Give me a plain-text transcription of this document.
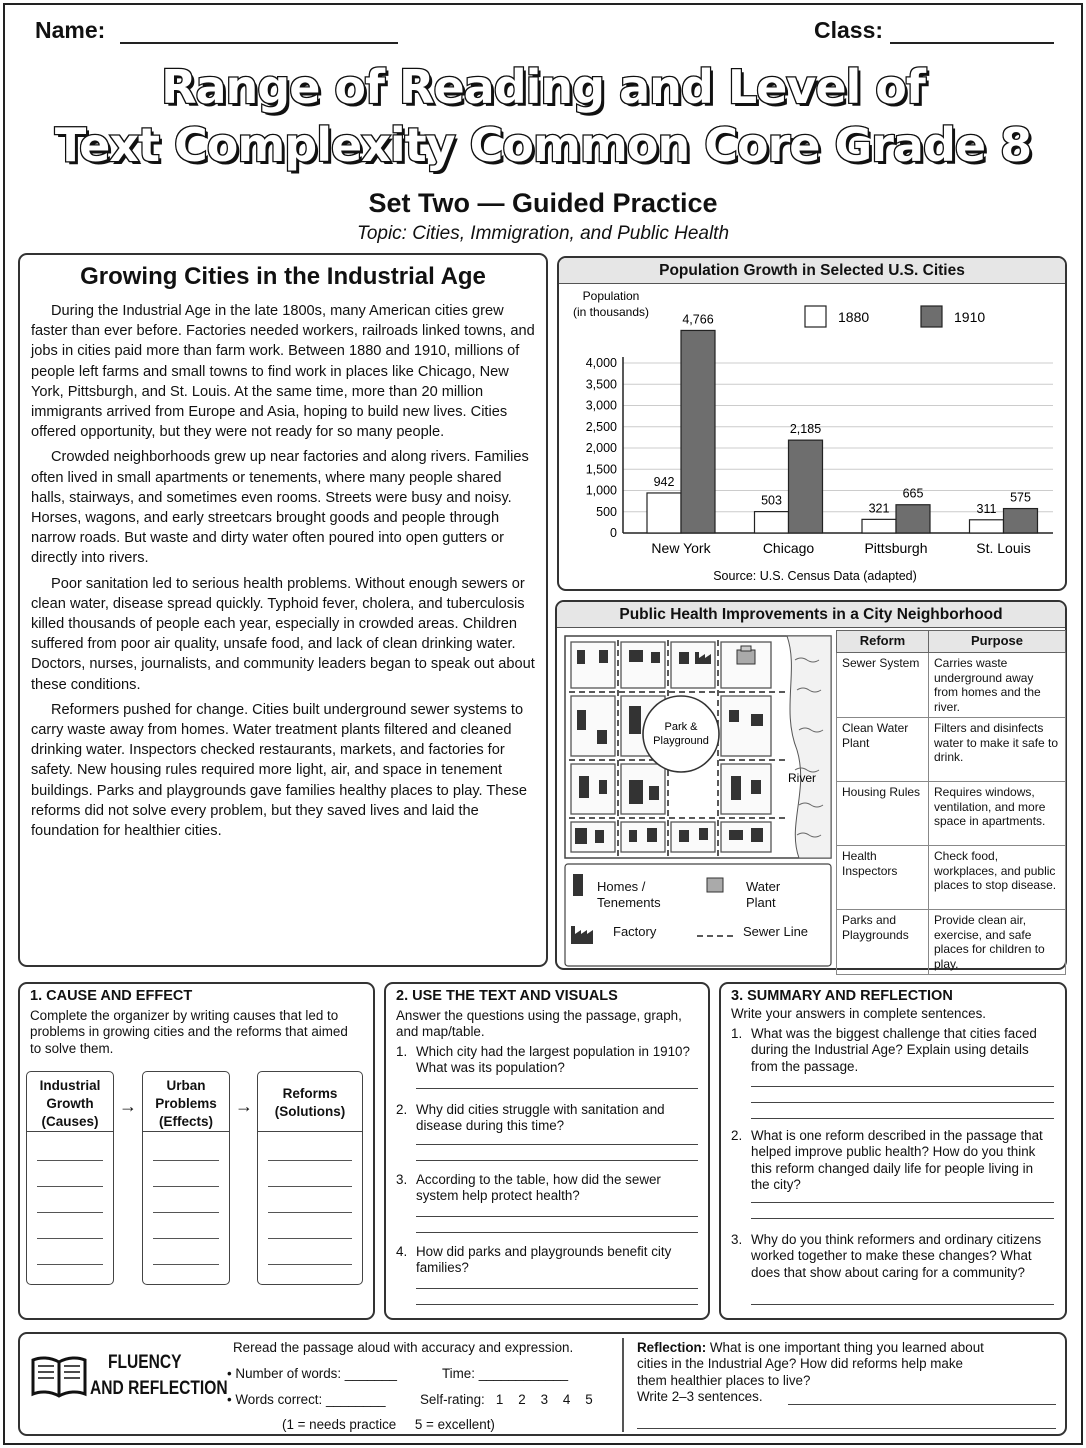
Name:	Class:
Range of Reading and Level of
Text Complexity Common Core Grade 8
Set Two — Guided Practice
Topic: Cities, Immigration, and Public Health
Growing Cities in the Industrial Age

During the Industrial Age in the late 1800s, many American cities grew faster than ever before. Factories needed workers, railroads linked towns, and jobs in cities paid more than farm work. Between 1880 and 1910, millions of people left farms and small towns to find work in places like Chicago, New York, Pittsburgh, and St. Louis. At the same time, more than 20 million immigrants arrived from Europe and Asia, hoping to build new lives. Cities offered opportunity, but they were not ready for so many people.

Crowded neighborhoods grew up near factories and along rivers. Families often lived in small apartments or tenements, where many people shared halls, stairways, and sometimes even rooms. Streets were busy and noisy. Horses, wagons, and early streetcars brought goods and people through narrow roads. But waste and dirty water often poured into open gutters or directly into rivers.

Poor sanitation led to serious health problems. Without enough sewers or clean water, disease spread quickly. Typhoid fever, cholera, and tuberculosis killed thousands of people each year, especially in crowded areas. Children suffered from poor air quality, unsafe food, and lack of clean drinking water. Doctors, nurses, journalists, and community leaders began to speak out about these conditions.

Reformers pushed for change. Cities built underground sewer systems to carry waste away from homes. Water treatment plants filtered and cleaned drinking water. Inspectors checked restaurants, markets, and factories for safety. New housing rules required more light, air, and space in tenement buildings. Parks and playgrounds gave families healthy places to play. These reforms did not solve every problem, but they saved lives and laid the foundation for healthier cities.

Population Growth in Selected U.S. Cities
Population
(in thousands)
0
500
1,000
1,500
2,000
2,500
3,000
3,500
4,000
1880	1910
942
4,766
New York
503
2,185
Chicago
321
665
Pittsburgh
311
575
St. Louis
Source: U.S. Census Data (adapted)
Public Health Improvements in a City Neighborhood
Park &
Playground
River
Homes /
Tenements
Water
Plant
Factory	Sewer Line
Reform	Purpose
Sewer System	Carries waste underground away from homes and the river.
Clean Water Plant	Filters and disinfects water to make it safe to drink.
Housing Rules	Requires windows, ventilation, and more space in apartments.
Health Inspectors	Check food, workplaces, and public places to stop disease.
Parks and Playgrounds	Provide clean air, exercise, and safe places for children to play.
1. CAUSE AND EFFECT
Complete the organizer by writing causes that led to problems in growing cities and the reforms that aimed to solve them.
Industrial Growth (Causes)
→
Urban Problems (Effects)
→
Reforms (Solutions)
2. USE THE TEXT AND VISUALS
Answer the questions using the passage, graph, and map/table.
1. Which city had the largest population in 1910? What was its population?
2. Why did cities struggle with sanitation and disease during this time?
3. According to the table, how did the sewer system help protect health?
4. How did parks and playgrounds benefit city families?
3. SUMMARY AND REFLECTION
Write your answers in complete sentences.
1. What was the biggest challenge that cities faced during the Industrial Age? Explain using details from the passage.
2. What is one reform described in the passage that helped improve public health? How do you think this reform changed daily life for people living in the city?
3. Why do you think reformers and ordinary citizens worked together to make these changes? What does that show about caring for a community?
FLUENCY
AND REFLECTION
Reread the passage aloud with accuracy and expression.
• Number of words: _______	Time: ____________
• Words correct: ________	Self-rating:   1    2    3    4    5
(1 = needs practice     5 = excellent)
Reflection: What is one important thing you learned about cities in the Industrial Age? How did reforms help make them healthier places to live?
Write 2–3 sentences.
